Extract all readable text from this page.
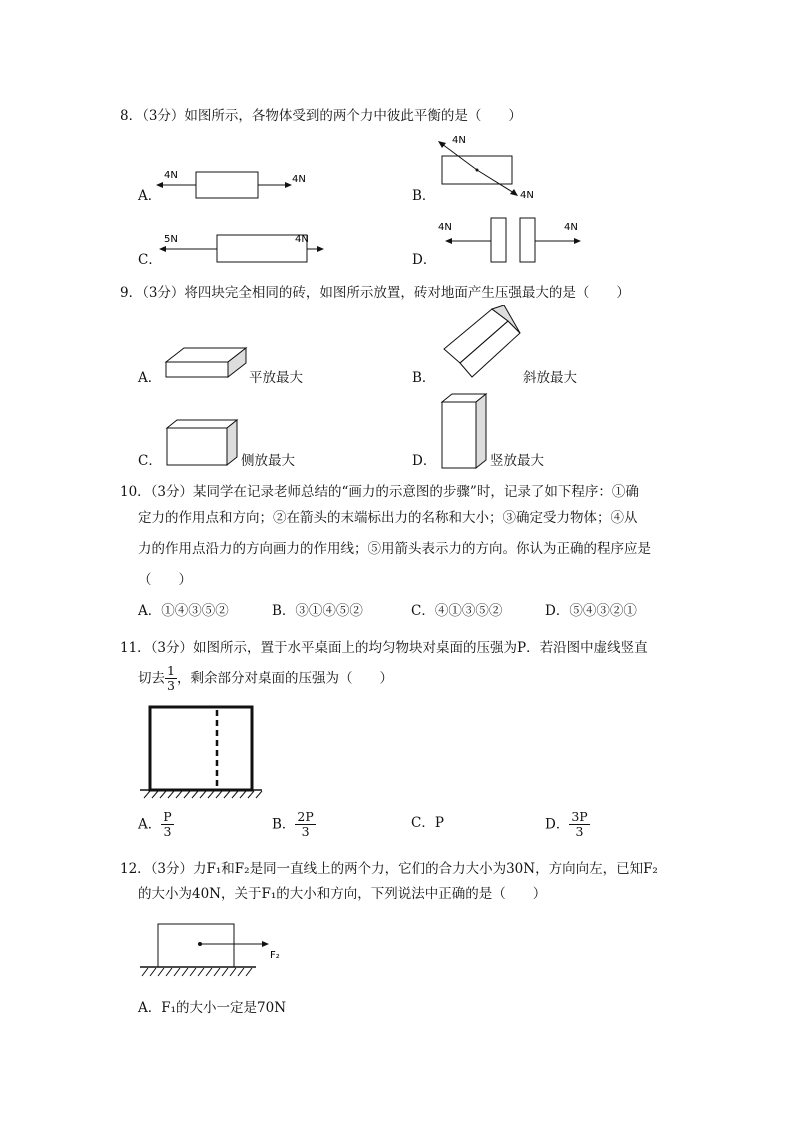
8．（3分）如图所示，各物体受到的两个力中彼此平衡的是（　　）
A．
4N	4N
B．
4N
4N
C．
5N	4N
D．
4N	4N
9．（3分）将四块完全相同的砖，如图所示放置，砖对地面产生压强最大的是（　　）
A．	平放最大	B．	斜放最大
C．	侧放最大	D．	竖放最大
10．（3分）某同学在记录老师总结的“画力的示意图的步骤”时，记录了如下程序：①确
定力的作用点和方向；②在箭头的末端标出力的名称和大小；③确定受力物体；④从
力的作用点沿力的方向画力的作用线；⑤用箭头表示力的方向。你认为正确的程序应是
（　　）
A．①④③⑤②	B．③①④⑤②	C．④①③⑤②	D．⑤④③②①
11．（3分）如图所示，置于水平桌面上的均匀物块对桌面的压强为P．若沿图中虚线竖直
切去 $\frac{1}{3}$ ，剩余部分对桌面的压强为（　　）
A． $\frac{P}{3}$	B． $\frac{2P}{3}$	C．P	D． $\frac{3P}{3}$
12．（3分）力F₁和F₂是同一直线上的两个力，它们的合力大小为30N，方向向左，已知F₂
的大小为40N，关于F₁的大小和方向，下列说法中正确的是（　　）
F₂
A．F₁的大小一定是70N
